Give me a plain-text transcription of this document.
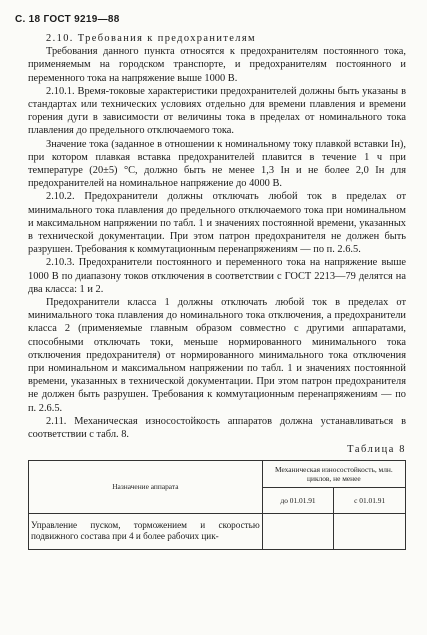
С. 18 ГОСТ 9219—88

2.10. Требования к предохранителям

Требования данного пункта относятся к предохранителям постоянного тока, применяемым на городском транспорте, и предохранителям постоянного и переменного тока на напряжение выше 1000 В.

2.10.1. Время-токовые характеристики предохранителей должны быть указаны в стандартах или технических условиях отдельно для времени плавления и времени горения дуги в зависимости от величины тока в пределах от номинального тока плавления до предельного отключаемого тока.

Значение тока (заданное в отношении к номинальному току плавкой вставки Iн), при котором плавкая вставка предохранителей плавится в течение 1 ч при температуре (20±5) °С, должно быть не менее 1,3 Iн и не более 2,0 Iн для предохранителей на номинальное напряжение до 4000 В.

2.10.2. Предохранители должны отключать любой ток в пределах от минимального тока плавления до предельного отключаемого тока при номинальном и максимальном напряжении по табл. 1 и значениях постоянной времени, указанных в технической документации. При этом патрон предохранителя не должен быть разрушен. Требования к коммутационным перенапряжениям — по п. 2.6.5.

2.10.3. Предохранители постоянного и переменного тока на напряжение выше 1000 В по диапазону токов отключения в соответствии с ГОСТ 2213—79 делятся на два класса: 1 и 2.

Предохранители класса 1 должны отключать любой ток в пределах от минимального тока плавления до номинального тока отключения, а предохранители класса 2 (применяемые главным образом совместно с другими аппаратами, способными отключать токи, меньше нормированного минимального тока отключения предохранителя) от нормированного минимального тока отключения при номинальном и максимальном напряжении по табл. 1 и значениях постоянной времени, указанных в технической документации. При этом патрон предохранителя не должен быть разрушен. Требования к коммутационным перенапряжениям — по п. 2.6.5.

2.11. Механическая износостойкость аппаратов должна устанавливаться в соответствии с табл. 8.

Таблица 8
Назначение аппарата	Механическая износостойкость, млн. циклов, не менее	
	до 01.01.91	с 01.01.91
Управление пуском, торможением и скоростью подвижного состава при 4 и более рабочих цик-		
